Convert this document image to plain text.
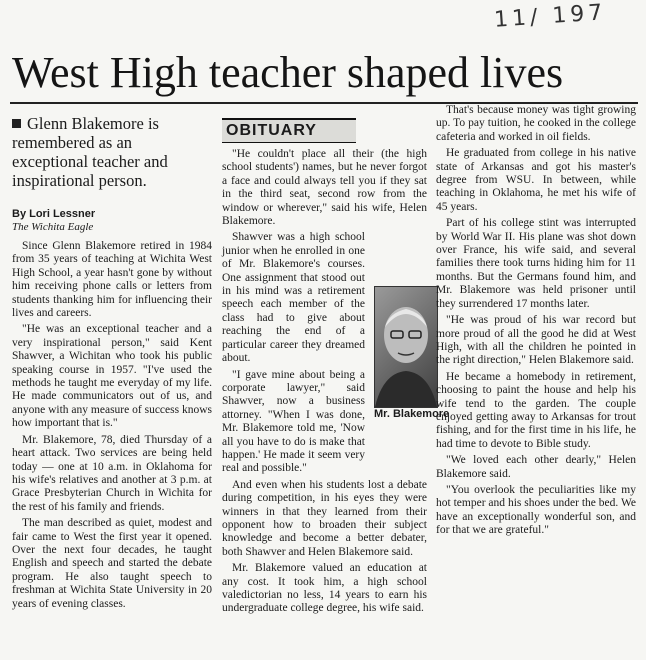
11/ 197
West High teacher shaped lives
Glenn Blakemore is remembered as an exceptional teacher and inspirational person.
By Lori Lessner
The Wichita Eagle

Since Glenn Blakemore retired in 1984 from 35 years of teaching at Wichita West High School, a year hasn't gone by without him receiving phone calls or letters from students thanking him for influencing their lives and careers.

"He was an exceptional teacher and a very inspirational person," said Kent Shawver, a Wichitan who took his public speaking course in 1957. "I've used the methods he taught me everyday of my life. He made communicators out of us, and anyone with any measure of success knows how important that is."

Mr. Blakemore, 78, died Thursday of a heart attack. Two services are being held today — one at 10 a.m. in Oklahoma for his wife's relatives and another at 3 p.m. at Grace Presbyterian Church in Wichita for the rest of his family and friends.

The man described as quiet, modest and fair came to West the first year it opened. Over the next four decades, he taught English and speech and started the debate program. He also taught speech to freshman at Wichita State University in 20 years of evening classes.

OBITUARY

"He couldn't place all their (the high school students') names, but he never forgot a face and could always tell you if they sat in the third seat, second row from the window or wherever," said his wife, Helen Blakemore.

Shawver was a high school junior when he enrolled in one of Mr. Blakemore's courses. One assignment that stood out in his mind was a retirement speech each member of the class had to give about reaching the end of a particular career they dreamed about.

"I gave mine about being a corporate lawyer," said Shawver, now a business attorney. "When I was done, Mr. Blakemore told me, 'Now all you have to do is make that happen.' He made it seem very real and possible."

And even when his students lost a debate during competition, in his eyes they were winners in that they learned from their opponent how to broaden their subject knowledge and become a better debater, both Shawver and Helen Blakemore said.

Mr. Blakemore valued an education at any cost. It took him, a high school valedictorian no less, 14 years to earn his undergraduate college degree, his wife said.

Mr. Blakemore

That's because money was tight growing up. To pay tuition, he cooked in the college cafeteria and worked in oil fields.

He graduated from college in his native state of Arkansas and got his master's degree from WSU. In between, while teaching in Oklahoma, he met his wife of 45 years.

Part of his college stint was interrupted by World War II. His plane was shot down over France, his wife said, and several families there took turns hiding him for 11 months. But the Germans found him, and Mr. Blakemore was held prisoner until they surrendered 17 months later.

"He was proud of his war record but more proud of all the good he did at West High, with all the children he pointed in the right direction," Helen Blakemore said.

He became a homebody in retirement, choosing to paint the house and help his wife tend to the garden. The couple enjoyed getting away to Arkansas for trout fishing, and for the first time in his life, he had time to devote to Bible study.

"We loved each other dearly," Helen Blakemore said.

"You overlook the peculiarities like my hot temper and his shoes under the bed. We have an exceptionally wonderful son, and for that we are grateful."
